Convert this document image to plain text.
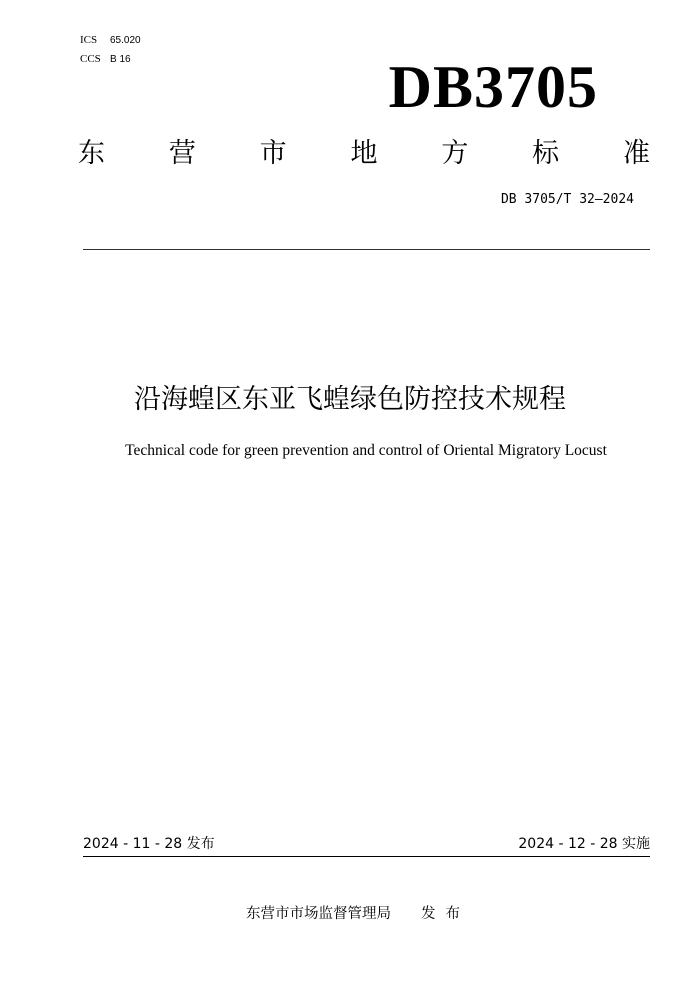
ICS 65.020
CCS B 16	DB3705
东 营 市 地 方 标 准
DB 3705/T 32—2024
沿海蝗区东亚飞蝗绿色防控技术规程
Technical code for green prevention and control of Oriental Migratory Locust
2024 - 11 - 28 发布	2024 - 12 - 28 实施
东营市市场监督管理局 发布
